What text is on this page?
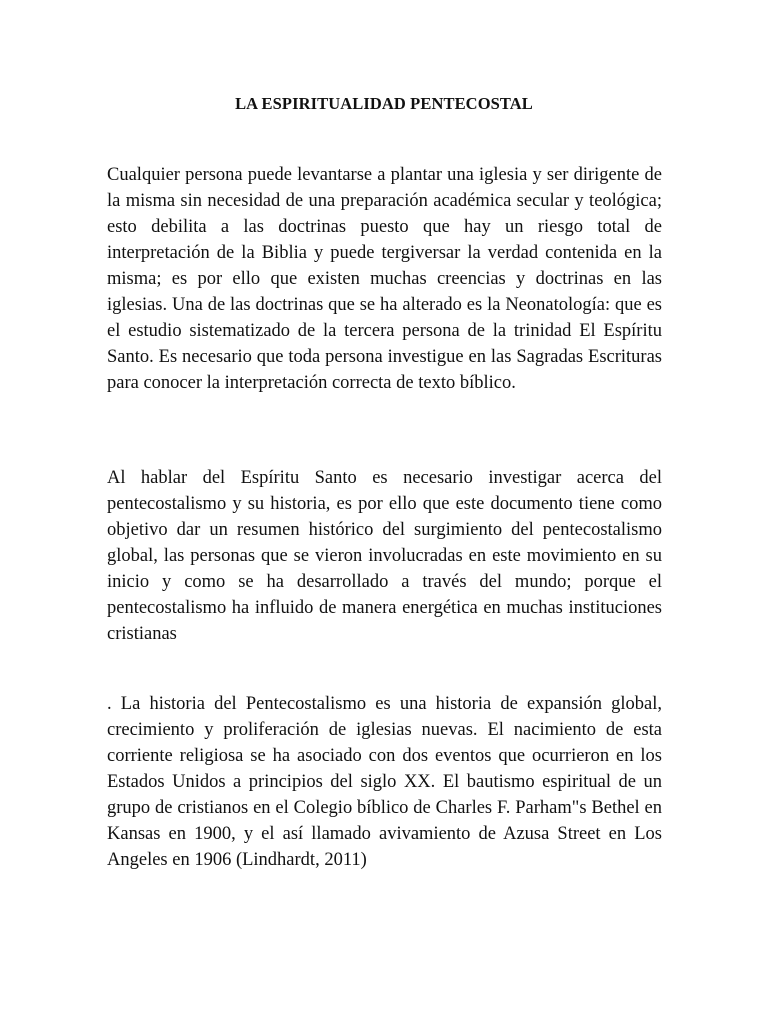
LA ESPIRITUALIDAD PENTECOSTAL

Cualquier persona puede levantarse a plantar una iglesia y ser dirigente de la misma sin necesidad de una preparación académica secular y teológica; esto debilita a las doctrinas puesto que hay un riesgo total de interpretación de la Biblia y puede tergiversar la verdad contenida en la misma; es por ello que existen muchas creencias y doctrinas en las iglesias. Una de las doctrinas que se ha alterado es la Neonatología: que es el estudio sistematizado de la tercera persona de la trinidad El Espíritu Santo. Es necesario que toda persona investigue en las Sagradas Escrituras para conocer la interpretación correcta de texto bíblico.

Al hablar del Espíritu Santo es necesario investigar acerca del pentecostalismo y su historia, es por ello que este documento tiene como objetivo dar un resumen histórico del surgimiento del pentecostalismo global, las personas que se vieron involucradas en este movimiento en su inicio y como se ha desarrollado a través del mundo; porque el pentecostalismo ha influido de manera energética en muchas instituciones cristianas

. La historia del Pentecostalismo es una historia de expansión global, crecimiento y proliferación de iglesias nuevas. El nacimiento de esta corriente religiosa se ha asociado con dos eventos que ocurrieron en los Estados Unidos a principios del siglo XX. El bautismo espiritual de un grupo de cristianos en el Colegio bíblico de Charles F. Parham"s Bethel en Kansas en 1900, y el así llamado avivamiento de Azusa Street en Los Angeles en 1906 (Lindhardt, 2011)
